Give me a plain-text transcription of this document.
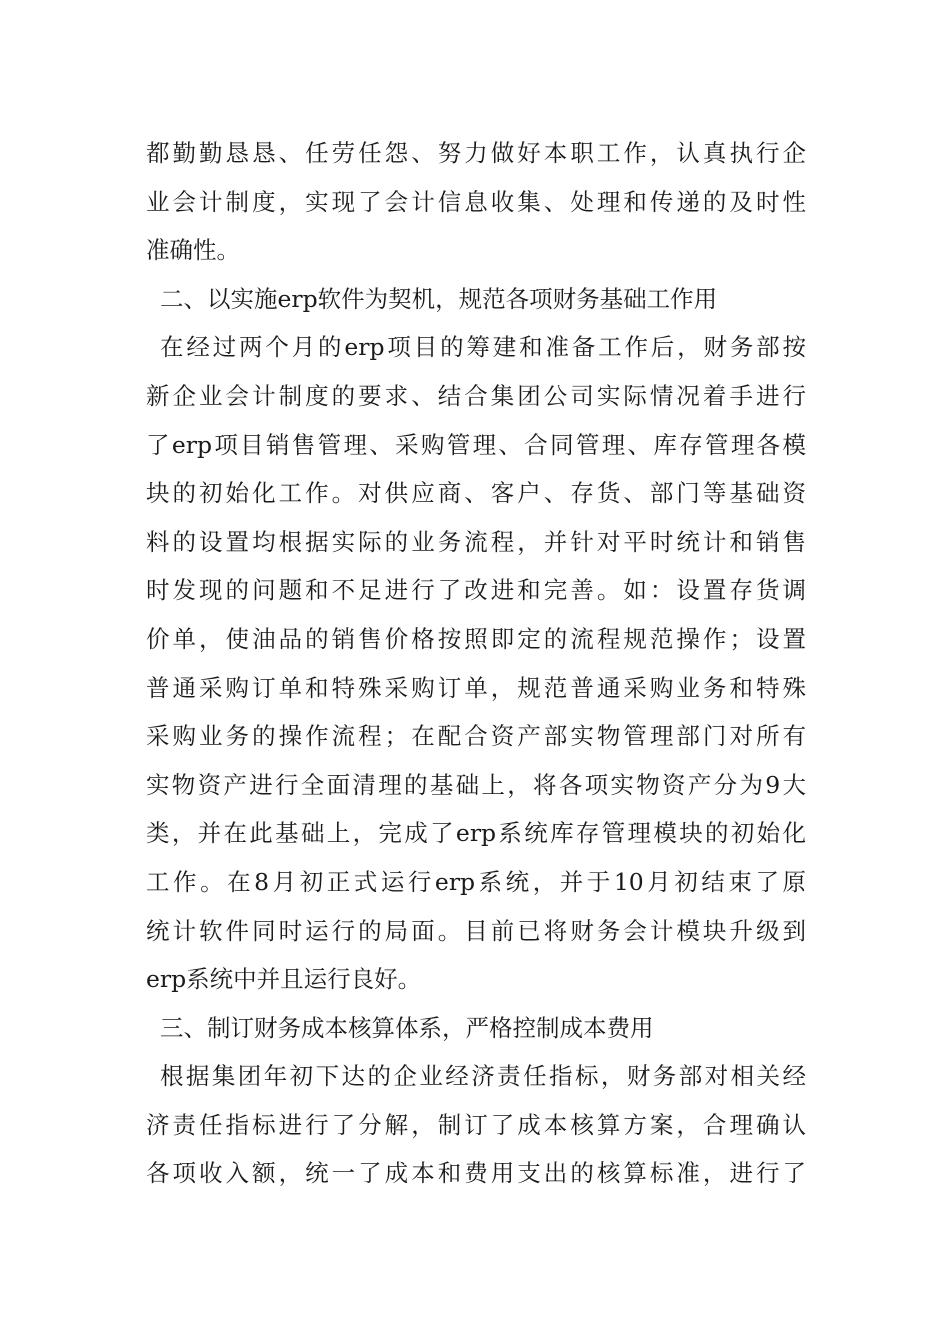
都勤勤恳恳、任劳任怨、努力做好本职工作，认真执行企
业会计制度，实现了会计信息收集、处理和传递的及时性
准确性。
二、以实施erp软件为契机，规范各项财务基础工作用
在经过两个月的erp项目的筹建和准备工作后，财务部按
新企业会计制度的要求、结合集团公司实际情况着手进行
了erp项目销售管理、采购管理、合同管理、库存管理各模
块的初始化工作。对供应商、客户、存货、部门等基础资
料的设置均根据实际的业务流程，并针对平时统计和销售
时发现的问题和不足进行了改进和完善。如：设置存货调
价单，使油品的销售价格按照即定的流程规范操作；设置
普通采购订单和特殊采购订单，规范普通采购业务和特殊
采购业务的操作流程；在配合资产部实物管理部门对所有
实物资产进行全面清理的基础上，将各项实物资产分为9大
类，并在此基础上，完成了erp系统库存管理模块的初始化
工作。在8月初正式运行erp系统，并于10月初结束了原
统计软件同时运行的局面。目前已将财务会计模块升级到
erp系统中并且运行良好。
三、制订财务成本核算体系，严格控制成本费用
根据集团年初下达的企业经济责任指标，财务部对相关经
济责任指标进行了分解，制订了成本核算方案，合理确认
各项收入额，统一了成本和费用支出的核算标准，进行了
